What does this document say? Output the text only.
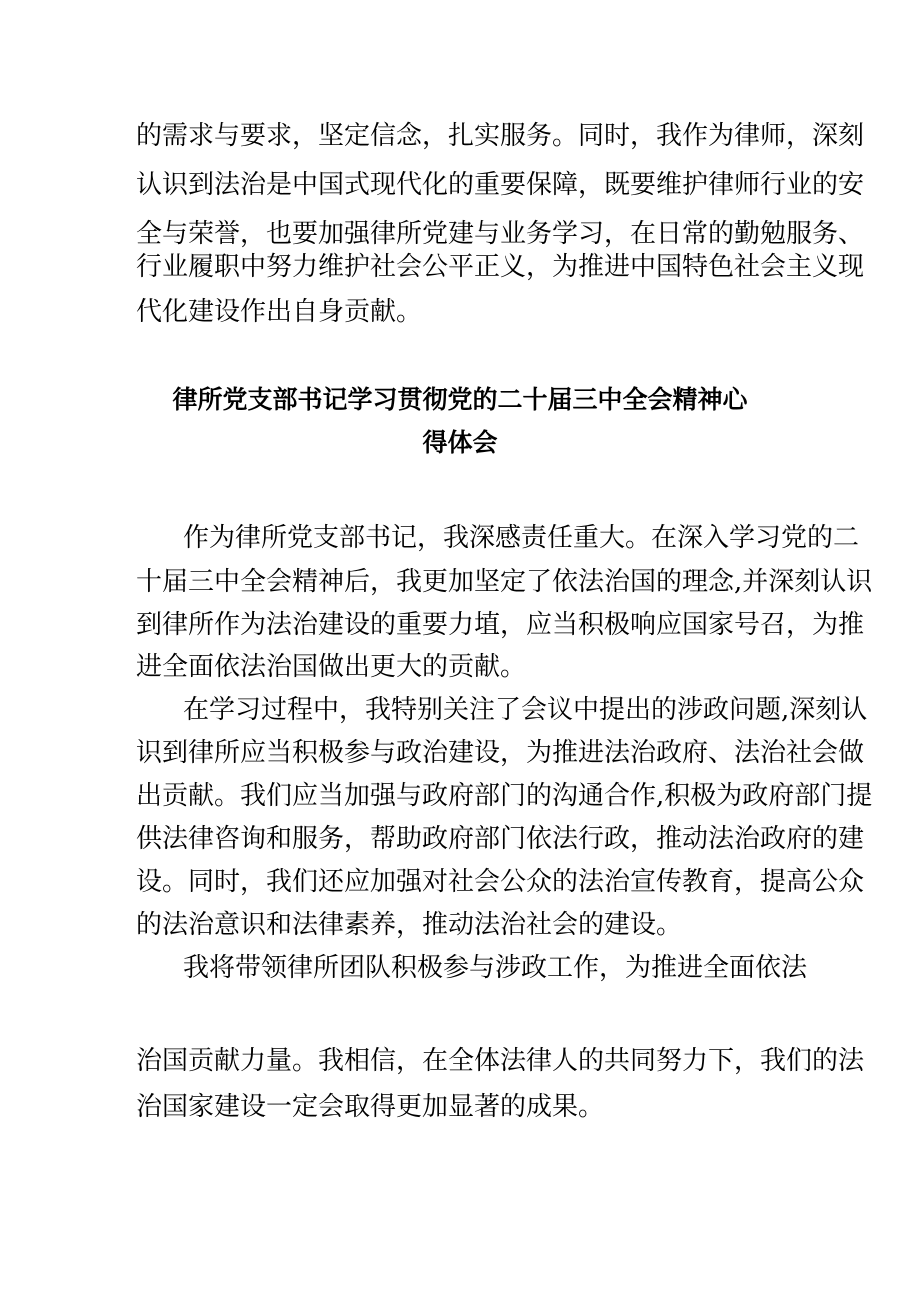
的需求与要求，坚定信念，扎实服务。同时，我作为律师，深刻
认识到法治是中国式现代化的重要保障，既要维护律师行业的安
全与荣誉，也要加强律所党建与业务学习，在日常的勤勉服务、
行业履职中努力维护社会公平正义，为推进中国特色社会主义现
代化建设作出自身贡献。
律所党支部书记学习贯彻党的二十届三中全会精神心
得体会
作为律所党支部书记，我深感责任重大。在深入学习党的二
十届三中全会精神后，我更加坚定了依法治国的理念,并深刻认识
到律所作为法治建设的重要力埴，应当积极响应国家号召，为推
进全面依法治国做出更大的贡献。
在学习过程中，我特别关注了会议中提出的涉政问题,深刻认
识到律所应当积极参与政治建设，为推进法治政府、法治社会做
出贡献。我们应当加强与政府部门的沟通合作,积极为政府部门提
供法律咨询和服务，帮助政府部门依法行政，推动法治政府的建
设。同时，我们还应加强对社会公众的法治宣传教育，提高公众
的法治意识和法律素养，推动法治社会的建设。
我将带领律所团队积极参与涉政工作，为推进全面依法
治国贡献力量。我相信，在全体法律人的共同努力下，我们的法
治国家建设一定会取得更加显著的成果。
